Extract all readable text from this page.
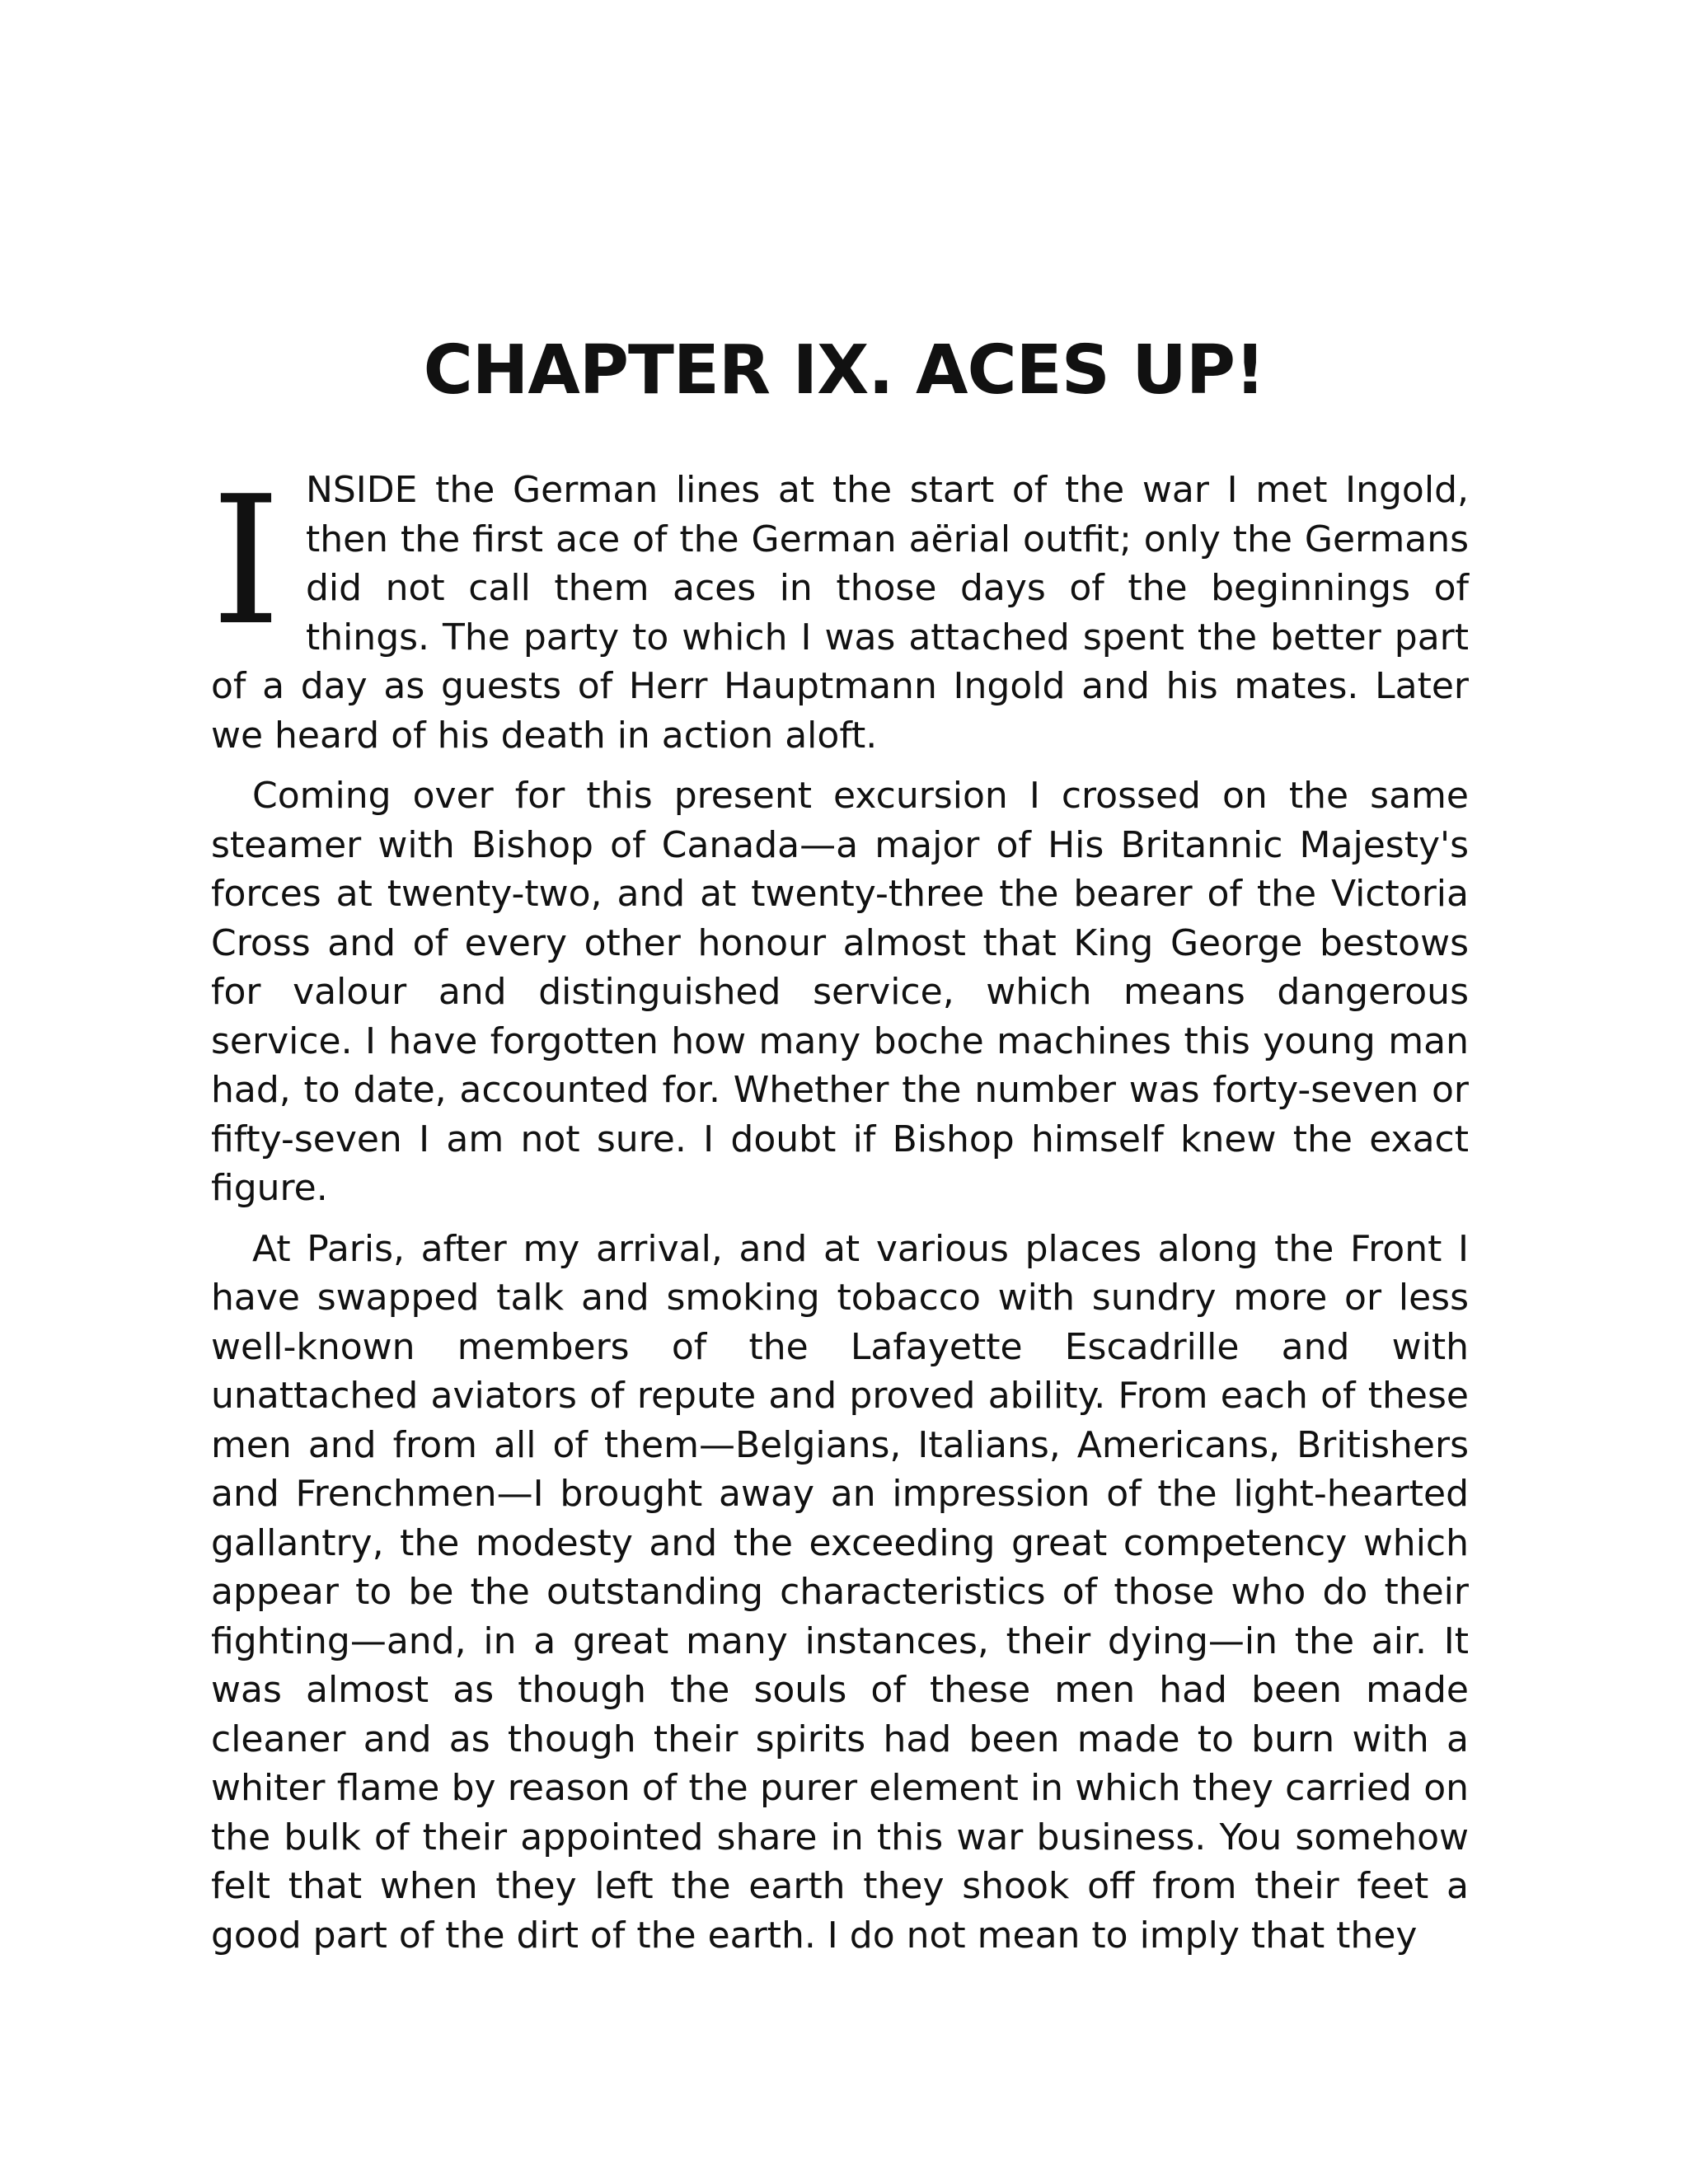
CHAPTER IX. ACES UP!

INSIDE the German lines at the start of the war I met Ingold, then the first ace of the German aërial outfit; only the Germans did not call them aces in those days of the beginnings of things. The party to which I was attached spent the better part of a day as guests of Herr Hauptmann Ingold and his mates. Later we heard of his death in action aloft.

Coming over for this present excursion I crossed on the same steamer with Bishop of Canada—a major of His Britannic Majesty's forces at twenty-two, and at twenty-three the bearer of the Victoria Cross and of every other honour almost that King George bestows for valour and distinguished service, which means dangerous service. I have forgotten how many boche machines this young man had, to date, accounted for. Whether the number was forty-seven or fifty-seven I am not sure. I doubt if Bishop himself knew the exact figure.

At Paris, after my arrival, and at various places along the Front I have swapped talk and smoking tobacco with sundry more or less well-known members of the Lafayette Escadrille and with unattached aviators of repute and proved ability. From each of these men and from all of them—Belgians, Italians, Americans, Britishers and Frenchmen—I brought away an impression of the light-hearted gallantry, the modesty and the exceeding great competency which appear to be the outstanding characteristics of those who do their fighting—and, in a great many instances, their dying—in the air. It was almost as though the souls of these men had been made cleaner and as though their spirits had been made to burn with a whiter flame by reason of the purer element in which they carried on the bulk of their appointed share in this war business. You somehow felt that when they left the earth they shook off from their feet a good part of the dirt of the earth. I do not mean to imply that they
